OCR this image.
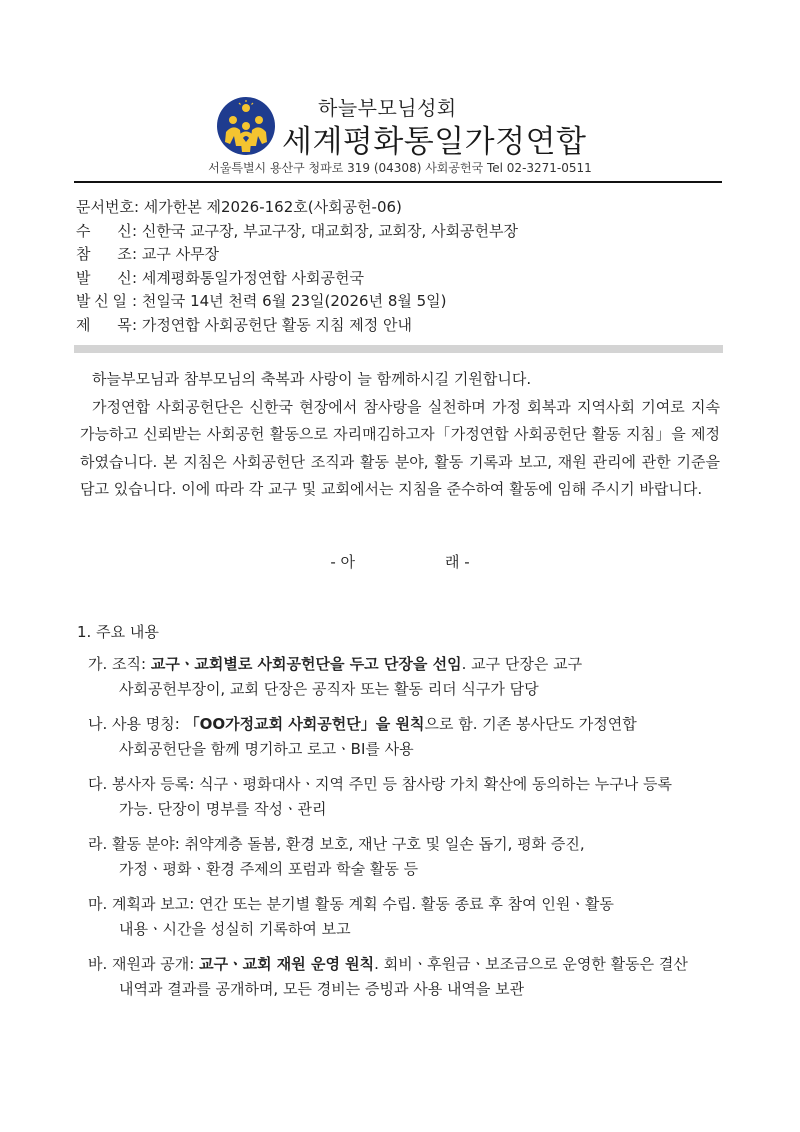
하늘부모님성회
세계평화통일가정연합
서울특별시 용산구 청파로 319 (04308) 사회공헌국 Tel 02-3271-0511
문서번호: 세가한본 제2026-162호(사회공헌-06)
수 신: 신한국 교구장, 부교구장, 대교회장, 교회장, 사회공헌부장
참 조: 교구 사무장
발 신: 세계평화통일가정연합 사회공헌국
발 신 일 : 천일국 14년 천력 6월 23일(2026년 8월 5일)
제 목: 가정연합 사회공헌단 활동 지침 제정 안내

하늘부모님과 참부모님의 축복과 사랑이 늘 함께하시길 기원합니다.

가정연합 사회공헌단은 신한국 현장에서 참사랑을 실천하며 가정 회복과 지역사회 기여로 지속 가능하고 신뢰받는 사회공헌 활동으로 자리매김하고자「가정연합 사회공헌단 활동 지침」을 제정하였습니다. 본 지침은 사회공헌단 조직과 활동 분야, 활동 기록과 보고, 재원 관리에 관한 기준을 담고 있습니다. 이에 따라 각 교구 및 교회에서는 지침을 준수하여 활동에 임해 주시기 바랍니다.

- 아	래 -
1. 주요 내용
가. 조직: 교구ㆍ교회별로 사회공헌단을 두고 단장을 선임. 교구 단장은 교구
사회공헌부장이, 교회 단장은 공직자 또는 활동 리더 식구가 담당
나. 사용 명칭: 「OO가정교회 사회공헌단」을 원칙으로 함. 기존 봉사단도 가정연합
사회공헌단을 함께 명기하고 로고ㆍBI를 사용
다. 봉사자 등록: 식구ㆍ평화대사ㆍ지역 주민 등 참사랑 가치 확산에 동의하는 누구나 등록
가능. 단장이 명부를 작성ㆍ관리
라. 활동 분야: 취약계층 돌봄, 환경 보호, 재난 구호 및 일손 돕기, 평화 증진,
가정ㆍ평화ㆍ환경 주제의 포럼과 학술 활동 등
마. 계획과 보고: 연간 또는 분기별 활동 계획 수립. 활동 종료 후 참여 인원ㆍ활동
내용ㆍ시간을 성실히 기록하여 보고
바. 재원과 공개: 교구ㆍ교회 재원 운영 원칙. 회비ㆍ후원금ㆍ보조금으로 운영한 활동은 결산
내역과 결과를 공개하며, 모든 경비는 증빙과 사용 내역을 보관
